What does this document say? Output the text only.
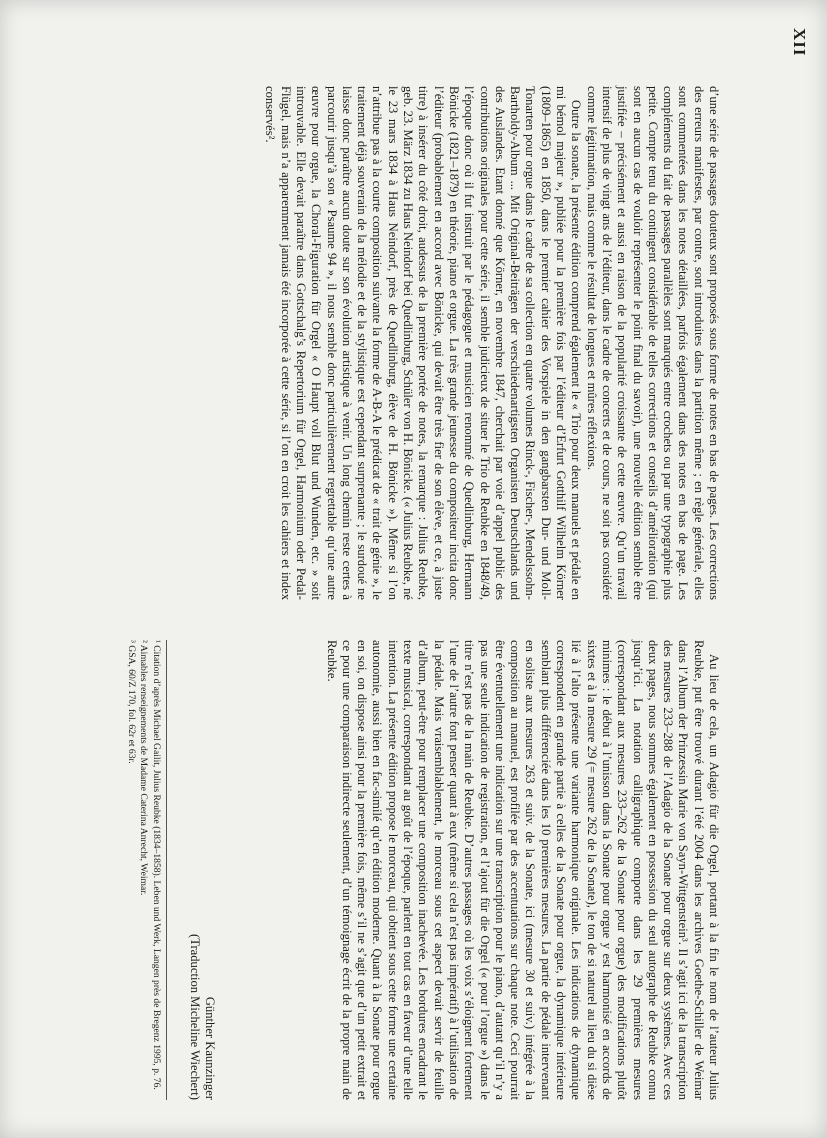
XII

d’une série de passages douteux sont proposés sous forme de notes en bas de pages. Les corrections des erreurs manifestes, par contre, sont introduites dans la partition même ; en règle générale, elles sont commentées dans les notes détaillées, parfois également dans des notes en bas de page. Les compléments du fait de passages parallèles sont marqués entre crochets ou par une typographie plus petite. Compte tenu du contingent considérable de telles corrections et conseils d’amélioration (qui sont en aucun cas de vouloir représenter le point final du savoir), une nouvelle édition semble être justifiée – précisément et aussi en raison de la popularité croissante de cette œuvre. Qu’un travail intensif de plus de vingt ans de l’éditeur, dans le cadre de concerts et de cours, ne soit pas considéré comme légitimation, mais comme le résultat de longues et mûres réflexions.

Outre la sonate, la présente édition comprend également le « Trio pour deux manuels et pédale en mi bémol majeur », publiée pour la première fois par l’éditeur d’Erfurt Gotthilf Wilhelm Körner (1809–1865) en 1850, dans le premier cahier des Vorspiele in den gangbarsten Dur- und Moll-Tonarten pour orgue dans le cadre de sa collection en quatre volumes Rinck-, Fischer-, Mendelssohn-Bartholdy-Album ... Mit Original-Beiträgen der verschiedenartigsten Organisten Deutschlands und des Auslandes. Etant donné que Körner, en novembre 1847, cherchait par voie d’appel public des contributions originales pour cette série, il semble judicieux de situer le Trio de Reubke en 1848/49, l’époque donc où il fut instruit par le pédagogue et musicien renommé de Quedlinburg, Hermann Bönicke (1821–1879) en théorie, piano et orgue. La très grande jeunesse du compositeur incita donc l’éditeur (probablement en accord avec Bönicke, qui devait être très fier de son élève, et ce, à juste titre) à insérer du côté droit, audessus de la première portée de notes, la remarque : Julius Reubke, geb. 23. März 1834 zu Haus Neindorf bei Quedlinburg, Schüler von H. Bönicke. (« Julius Reubke, né le 23 mars 1834 à Haus Neindorf, près de Quedlinburg, élève de H. Bönicke »). Même si l’on n’attribue pas à la courte composition suivante la forme de A-B-A le prédicat de « trait de génie », le traitement déjà souverain de la mélodie et de la stylistique est cependant surprenante ; le surdoué ne laisse donc paraître aucun doute sur son évolution artistique à venir. Un long chemin reste certes à parcourir jusqu’à son « Psaume 94 », il nous semble donc particulièrement regrettable qu’une autre œuvre pour orgue, la Choral-Figuration für Orgel « O Haupt voll Blut und Wunden, etc. » soit introuvable. Elle devait paraître dans Gottschalg’s Repertorium für Orgel, Harmonium oder Pedal-Flügel, mais n’a apparemment jamais été incorporée à cette série, si l’on en croit les cahiers et index conservés².

Au lieu de cela, un Adagio für die Orgel, portant à la fin le nom de l’auteur Julius Reubke, put être trouvé durant l’été 2004 dans les archives Goethe-Schiller de Weimar dans l’Album der Prinzessin Marie von Sayn-Wittgenstein³. Il s’agit ici de la transcription des mesures 233–288 de l’Adagio de la Sonate pour orgue sur deux systèmes. Avec ces deux pages, nous sommes également en possession du seul autographe de Reubke connu jusqu’ici. La notation calligraphique comporte dans les 29 premières mesures (correspondant aux mesures 233–262 de la Sonate pour orgue) des modifications plutôt minimes : le début à l’unisson dans la Sonate pour orgue y est harmonisé en accords de sixtes et à la mesure 29 (= mesure 262 de la Sonate), le ton de si naturel au lieu du si dièse lié à l’alto présente une variante harmonique originale. Les indications de dynamique correspondent en grande partie à celles de la Sonate pour orgue, la dynamique intérieure semblant plus différenciée dans les 10 premières mesures. La partie de pédale intervenant en soliste aux mesures 263 et suiv. de la Sonate, ici (mesure 30 et suiv.) intégrée à la composition au manuel, est profilée par des accentuations sur chaque note. Ceci pourrait être éventuellement une indication sur une transcription pour le piano, d’autant qu’il n’y a pas une seule indication de registration, et l’ajout für die Orgel (« pour l’orgue ») dans le titre n’est pas de la main de Reubke. D’autres passages où les voix s’éloignent fortement l’une de l’autre font penser quant à eux (même si cela n’est pas impératif) à l’utilisation de la pédale. Mais vraisemblablement, le morceau sous cet aspect devait servir de feuille d’album, peut-être pour remplacer une composition inachevée. Les bordures encadrant le texte musical, correspondant au goût de l’époque, parlent en tout cas en faveur d’une telle intention. La présente édition propose le morceau, qui obtient sous cette forme une certaine autonomie, aussi bien en fac-similé qu’en édition moderne. Quant à la Sonate pour orgue en soi, on dispose ainsi pour la première fois, même s’il ne s’agit que d’un petit extrait et ce pour une comparaison indirecte seulement, d’un témoignage écrit de la propre main de Reubke.

Günther Kaunzinger
(Traduction Micheline Wiechert)

¹ Citation d’après Michael Gailit, Julius Reubke (1834–1858). Leben und Werk, Langen près de Bregenz 1995, p. 76.

² Aimables renseignements de Madame Caterina Anrecht, Weimar.

³ GSA, 60/Z 170, fol. 62r et 63r.
